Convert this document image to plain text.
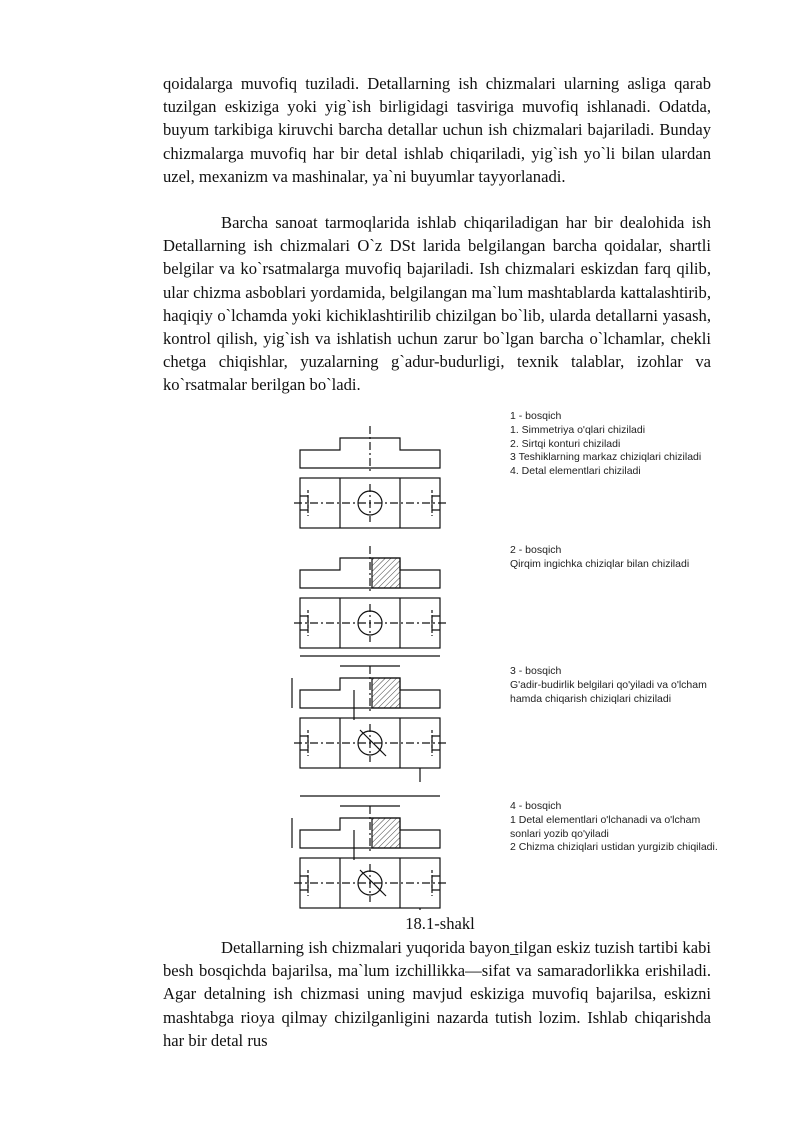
qoidalarga muvofiq tuziladi. Detallarning ish chizmalari ularning asliga qarab tuzilgan eskiziga yoki yig`ish birligidagi tasviriga muvofiq ishlanadi. Odatda, buyum tarkibiga kiruvchi barcha detallar uchun ish chizmalari bajariladi. Bunday chizmalarga muvofiq har bir detal ishlab chiqariladi, yig`ish yo`li bilan ulardan uzel, mexanizm va mashinalar, ya`ni buyumlar tayyorlanadi.

Barcha sanoat tarmoqlarida ishlab chiqariladigan har bir dealohida ish Detallarning ish chizmalari O`z DSt larida belgilangan barcha qoidalar, shartli belgilar va ko`rsatmalarga muvofiq bajariladi. Ish chizmalari eskizdan farq qilib, ular chizma asboblari yordamida, belgilangan ma`lum mashtablarda kattalashtirib, haqiqiy o`lchamda yoki kichiklashtirilib chizilgan bo`lib, ularda detallarni yasash, kontrol qilish, yig`ish va ishlatish uchun zarur bo`lgan barcha o`lchamlar, chekli chetga chiqishlar, yuzalarning g`adur-budurligi, texnik talablar, izohlar va ko`rsatmalar berilgan bo`ladi.

1 - bosqich
1. Simmetriya o'qlari chiziladi
2. Sirtqi konturi chiziladi
3 Teshiklarning markaz chiziqlari chiziladi
4. Detal elementlari chiziladi
2 - bosqich
Qirqim ingichka chiziqlar bilan chiziladi
3 - bosqich
G'adir-budirlik belgilari qo'yiladi va o'lcham hamda chiqarish chiziqlari chiziladi
4 - bosqich
1 Detal elementlari o'lchanadi va o'lcham sonlari yozib qo'yiladi
2 Chizma chiziqlari ustidan yurgizib chiqiladi.
18.1-shakl

Detallarning ish chizmalari yuqorida bayon ̲tilgan eskiz tuzish tartibi kabi besh bosqichda bajarilsa, ma`lum izchillikka—sifat va samaradorlikka erishiladi. Agar detalning ish chizmasi uning mavjud eskiziga muvofiq bajarilsa, eskizni mashtabga rioya qilmay chizilganligini nazarda tutish lozim. Ishlab chiqarishda har bir detal rus
